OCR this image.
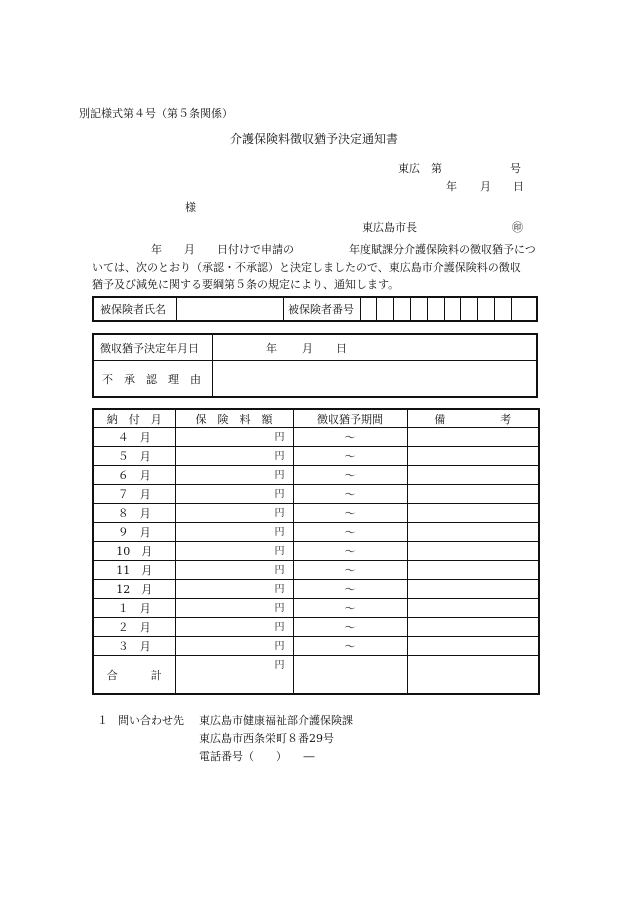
別記様式第４号（第５条関係）
介護保険料徴収猶予決定通知書
東広　第	号
年 月 日
様
東広島市長	㊞
年　　月　　日付けで申請の　　　　　年度賦課分介護保険料の徴収猶予につ
いては、次のとおり（承認・不承認）と決定しましたので、東広島市介護保険料の徴収
猶予及び減免に関する要綱第５条の規定により、通知します。
被保険者氏名	被保険者番号
徴収猶予決定年月日	年 月 日
不　承　認　理　由
納　付　月	保　険　料　額	徴収猶予期間	備　　　　　考
４　月	円	～	
５　月	円	～	
６　月	円	～	
７　月	円	～	
８　月	円	～	
９　月	円	～	
10　月	円	～	
11　月	円	～	
12　月	円	～	
１　月	円	～	
２　月	円	～	
３　月	円	～	
合　　　計	円		

１ 問い合わせ先 東広島市健康福祉部介護保険課
東広島市西条栄町８番29号
電話番号（　　）　　―
